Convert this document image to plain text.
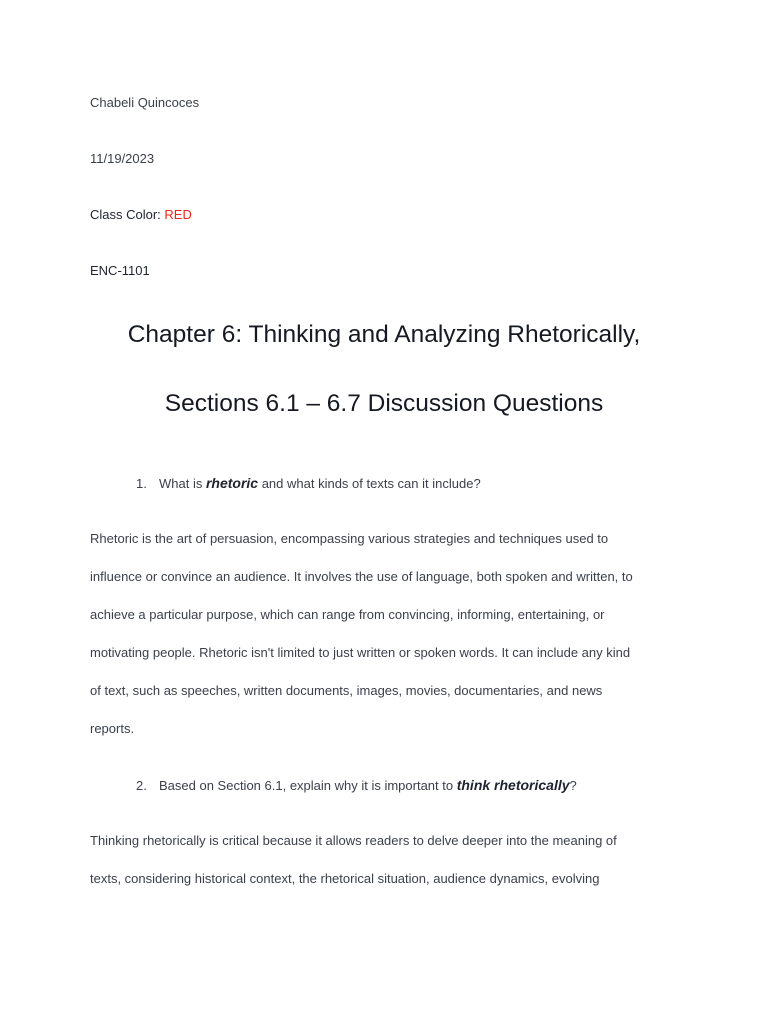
Chabeli Quincoces
11/19/2023
Class Color: RED
ENC-1101
Chapter 6: Thinking and Analyzing Rhetorically,
Sections 6.1 – 6.7 Discussion Questions
1. What is rhetoric and what kinds of texts can it include?
Rhetoric is the art of persuasion, encompassing various strategies and techniques used to
influence or convince an audience. It involves the use of language, both spoken and written, to
achieve a particular purpose, which can range from convincing, informing, entertaining, or
motivating people. Rhetoric isn't limited to just written or spoken words. It can include any kind
of text, such as speeches, written documents, images, movies, documentaries, and news
reports.
2. Based on Section 6.1, explain why it is important to think rhetorically?
Thinking rhetorically is critical because it allows readers to delve deeper into the meaning of
texts, considering historical context, the rhetorical situation, audience dynamics, evolving
